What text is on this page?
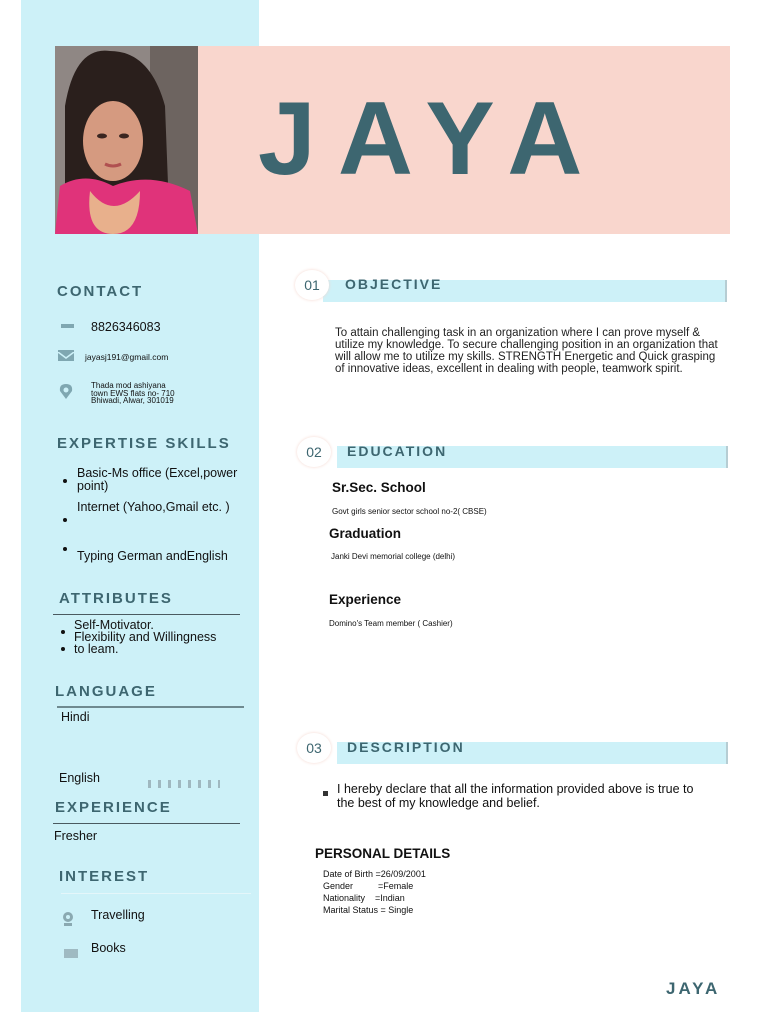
JAYA
CONTACT
8826346083
jayasj191@gmail.com
Thada mod ashiyana
town EWS flats no- 710
Bhiwadi, Alwar, 301019
EXPERTISE SKILLS
Basic-Ms office (Excel,power point)
Internet (Yahoo,Gmail etc. )
Typing German andEnglish
ATTRIBUTES
Self-Motivator.
Flexibility and Willingness
to leam.
LANGUAGE
Hindi
English
EXPERIENCE
Fresher
INTEREST
Travelling
Books
01	OBJECTIVE
To attain challenging task in an organization where I can prove myself & utilize my knowledge. To secure challenging position in an organization that will allow me to utilize my skills. STRENGTH Energetic and Quick grasping of innovative ideas, excellent in dealing with people, teamwork spirit.
02	EDUCATION
Sr.Sec. School
Govt girls senior sector school no-2( CBSE)
Graduation
Janki Devi memorial college (delhi)
Experience
Domino's Team member ( Cashier)
03	DESCRIPTION
I hereby declare that all the information provided above is true to the best of my knowledge and belief.
PERSONAL DETAILS
Date of Birth =26/09/2001
Gender          =Female
Nationality    =Indian
Marital Status = Single
JAYA
